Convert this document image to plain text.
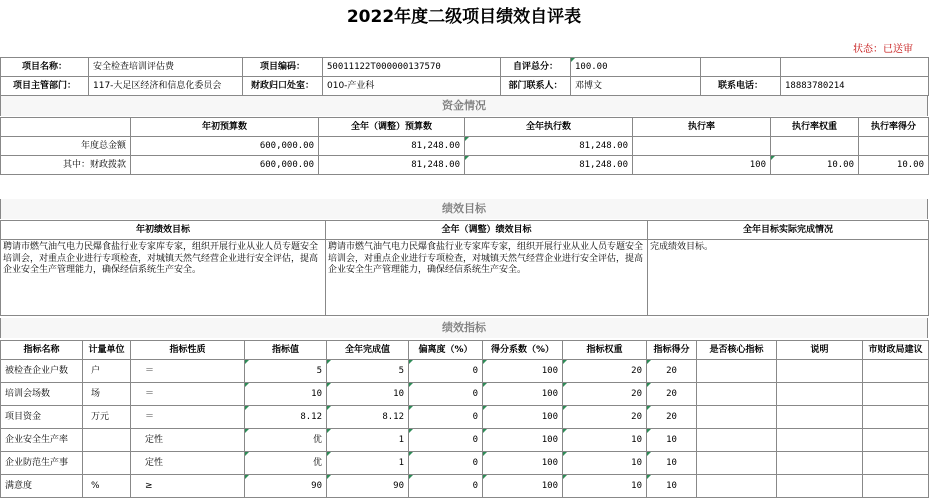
2022年度二级项目绩效自评表
状态：已送审
项目名称：	安全检查培训评估费	项目编码：	50011122T000000137570	自评总分：	100.00		
项目主管部门：	117-大足区经济和信息化委员会	财政归口处室：	010-产业科	部门联系人：	邓博文	联系电话：	18883780214
资金情况
	年初预算数	全年（调整）预算数	全年执行数	执行率	执行率权重	执行率得分
年度总金额	600,000.00	81,248.00	81,248.00			
其中：财政拨款	600,000.00	81,248.00	81,248.00	100	10.00	10.00
绩效目标
年初绩效目标	全年（调整）绩效目标	全年目标实际完成情况
聘请市燃气油气电力民爆食盐行业专家库专家，组织开展行业从业人员专题安全培训会，对重点企业进行专项检查，对城镇天然气经营企业进行安全评估，提高企业安全生产管理能力，确保经信系统生产安全。	聘请市燃气油气电力民爆食盐行业专家库专家，组织开展行业从业人员专题安全培训会，对重点企业进行专项检查，对城镇天然气经营企业进行安全评估，提高企业安全生产管理能力，确保经信系统生产安全。	完成绩效目标。
绩效指标
指标名称	计量单位	指标性质	指标值	全年完成值	偏离度（%）	得分系数（%）	指标权重	指标得分	是否核心指标	说明	市财政局建议
被检查企业户数	户	＝	5	5	0	100	20	20			
培训会场数	场	＝	10	10	0	100	20	20			
项目资金	万元	＝	8.12	8.12	0	100	20	20			
企业安全生产率		定性	优	1	0	100	10	10			
企业防范生产事		定性	优	1	0	100	10	10			
满意度	%	≥	90	90	0	100	10	10			
